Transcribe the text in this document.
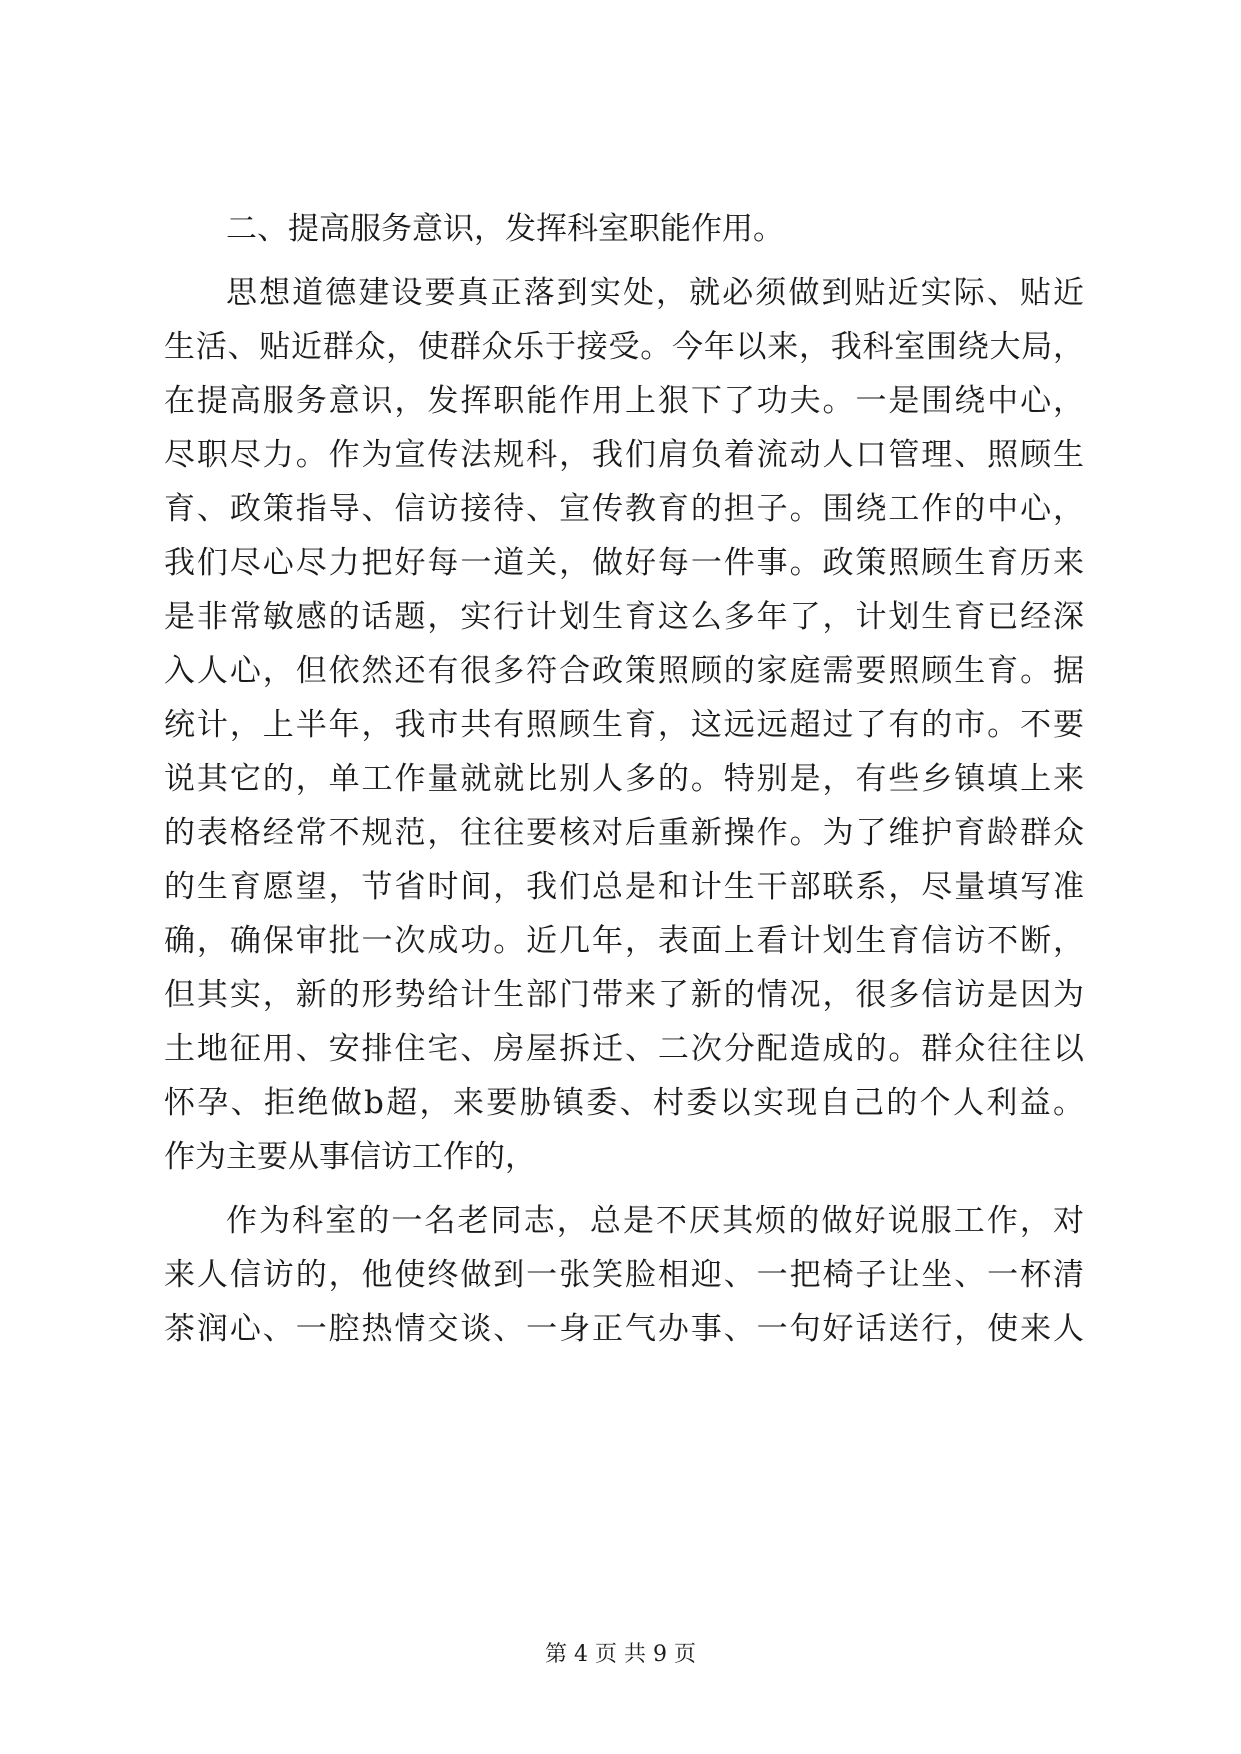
二、提高服务意识，发挥科室职能作用。
思想道德建设要真正落到实处，就必须做到贴近实际、贴近
生活、贴近群众，使群众乐于接受。今年以来，我科室围绕大局，
在提高服务意识，发挥职能作用上狠下了功夫。一是围绕中心，
尽职尽力。作为宣传法规科，我们肩负着流动人口管理、照顾生
育、政策指导、信访接待、宣传教育的担子。围绕工作的中心，
我们尽心尽力把好每一道关，做好每一件事。政策照顾生育历来
是非常敏感的话题，实行计划生育这么多年了，计划生育已经深
入人心，但依然还有很多符合政策照顾的家庭需要照顾生育。据
统计，上半年，我市共有照顾生育，这远远超过了有的市。不要
说其它的，单工作量就就比别人多的。特别是，有些乡镇填上来
的表格经常不规范，往往要核对后重新操作。为了维护育龄群众
的生育愿望，节省时间，我们总是和计生干部联系，尽量填写准
确，确保审批一次成功。近几年，表面上看计划生育信访不断，
但其实，新的形势给计生部门带来了新的情况，很多信访是因为
土地征用、安排住宅、房屋拆迁、二次分配造成的。群众往往以
怀孕、拒绝做b超，来要胁镇委、村委以实现自己的个人利益。
作为主要从事信访工作的，
作为科室的一名老同志，总是不厌其烦的做好说服工作，对
来人信访的，他使终做到一张笑脸相迎、一把椅子让坐、一杯清
茶润心、一腔热情交谈、一身正气办事、一句好话送行，使来人
第 4 页 共 9 页
